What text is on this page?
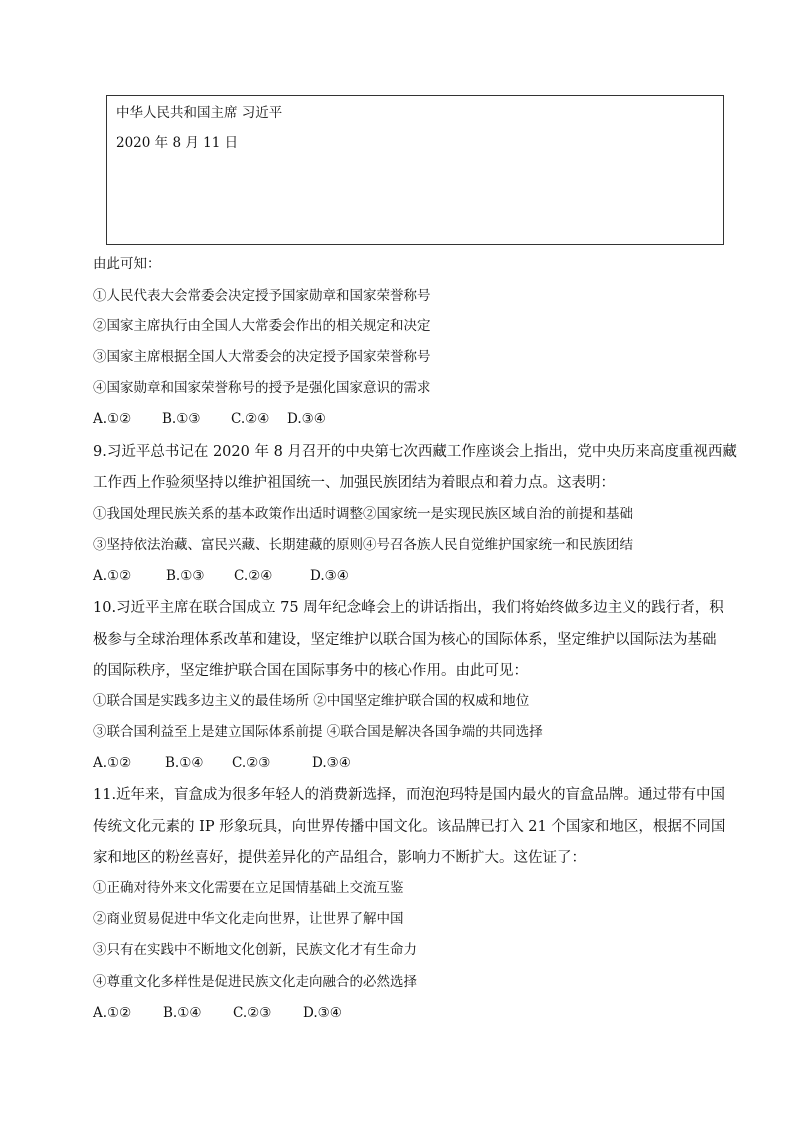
中华人民共和国主席 习近平
2020 年 8 月 11 日
由此可知：
①人民代表大会常委会决定授予国家勋章和国家荣誉称号
②国家主席执行由全国人大常委会作出的相关规定和决定
③国家主席根据全国人大常委会的决定授予国家荣誉称号
④国家勋章和国家荣誉称号的授予是强化国家意识的需求
A.①② B.①③ C.②④ D.③④
9.习近平总书记在 2020 年 8 月召开的中央第七次西藏工作座谈会上指出，党中央历来高度重视西藏
工作西上作验须坚持以维护祖国统一、加强民族团结为着眼点和着力点。这表明：
①我国处理民族关系的基本政策作出适时调整②国家统一是实现民族区域自治的前提和基础
③坚持依法治藏、富民兴藏、长期建藏的原则④号召各族人民自觉维护国家统一和民族团结
A.①②	B.①③ C.②④	D.③④
10.习近平主席在联合国成立 75 周年纪念峰会上的讲话指出，我们将始终做多边主义的践行者，积
极参与全球治理体系改革和建设，坚定维护以联合国为核心的国际体系，坚定维护以国际法为基础
的国际秩序，坚定维护联合国在国际事务中的核心作用。由此可见：
①联合国是实践多边主义的最佳场所 ②中国坚定维护联合国的权威和地位
③联合国利益至上是建立国际体系前提 ④联合国是解决各国争端的共同选择
A.①②	B.①④ C.②③	D.③④
11.近年来，盲盒成为很多年轻人的消费新选择，而泡泡玛特是国内最火的盲盒品牌。通过带有中国
传统文化元素的 IP 形象玩具，向世界传播中国文化。该品牌已打入 21 个国家和地区，根据不同国
家和地区的粉丝喜好，提供差异化的产品组合，影响力不断扩大。这佐证了：
①正确对待外来文化需要在立足国情基础上交流互鉴
②商业贸易促进中华文化走向世界，让世界了解中国
③只有在实践中不断地文化创新，民族文化才有生命力
④尊重文化多样性是促进民族文化走向融合的必然选择
A.①② B.①④ C.②③ D.③④
